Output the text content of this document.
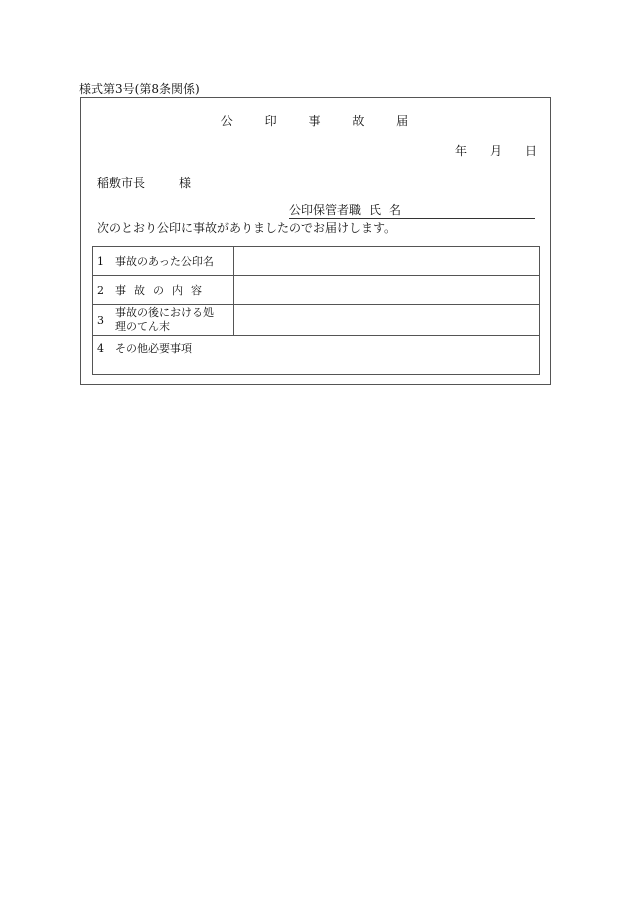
様式第3号(第8条関係)
公 印 事 故 届
年 月 日
稲敷市長	様
公印保管者職 氏 名
次のとおり公印に事故がありましたのでお届けします。
1 事故のあった公印名	
2 事 故 の 内 容	

3
事故の後における処
理のてん末	

4 その他必要事項	
